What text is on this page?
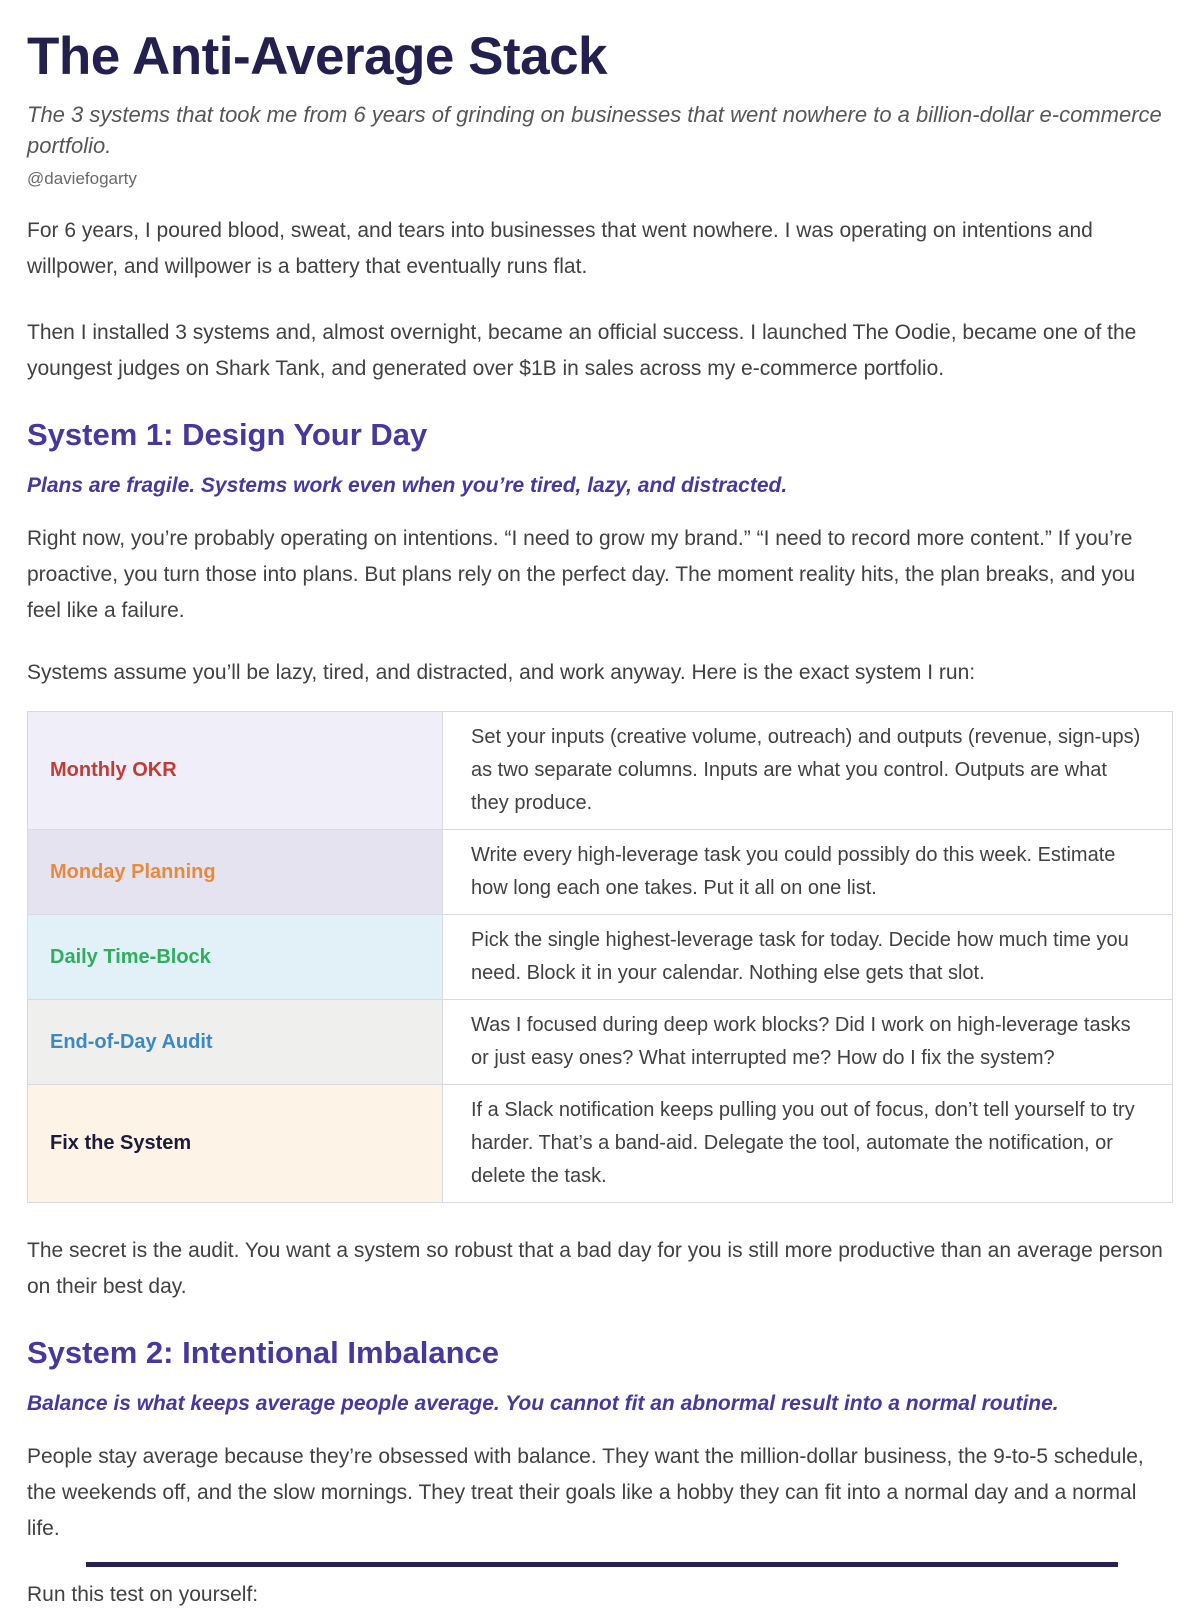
The Anti-Average Stack

The 3 systems that took me from 6 years of grinding on businesses that went nowhere to a billion-dollar e-commerce portfolio.

@daviefogarty

For 6 years, I poured blood, sweat, and tears into businesses that went nowhere. I was operating on intentions and willpower, and willpower is a battery that eventually runs flat.

Then I installed 3 systems and, almost overnight, became an official success. I launched The Oodie, became one of the youngest judges on Shark Tank, and generated over $1B in sales across my e-commerce portfolio.

System 1: Design Your Day

Plans are fragile. Systems work even when you’re tired, lazy, and distracted.

Right now, you’re probably operating on intentions. “I need to grow my brand.” “I need to record more content.” If you’re proactive, you turn those into plans. But plans rely on the perfect day. The moment reality hits, the plan breaks, and you feel like a failure.

Systems assume you’ll be lazy, tired, and distracted, and work anyway. Here is the exact system I run:

Monthly OKR	Set your inputs (creative volume, outreach) and outputs (revenue, sign-ups) as two separate columns. Inputs are what you control. Outputs are what they produce.
Monday Planning	Write every high-leverage task you could possibly do this week. Estimate how long each one takes. Put it all on one list.
Daily Time-Block	Pick the single highest-leverage task for today. Decide how much time you need. Block it in your calendar. Nothing else gets that slot.
End-of-Day Audit	Was I focused during deep work blocks? Did I work on high-leverage tasks or just easy ones? What interrupted me? How do I fix the system?
Fix the System	If a Slack notification keeps pulling you out of focus, don’t tell yourself to try harder. That’s a band-aid. Delegate the tool, automate the notification, or delete the task.

The secret is the audit. You want a system so robust that a bad day for you is still more productive than an average person on their best day.

System 2: Intentional Imbalance

Balance is what keeps average people average. You cannot fit an abnormal result into a normal routine.

People stay average because they’re obsessed with balance. They want the million-dollar business, the 9-to-5 schedule, the weekends off, and the slow mornings. They treat their goals like a hobby they can fit into a normal day and a normal life.

Run this test on yourself:
